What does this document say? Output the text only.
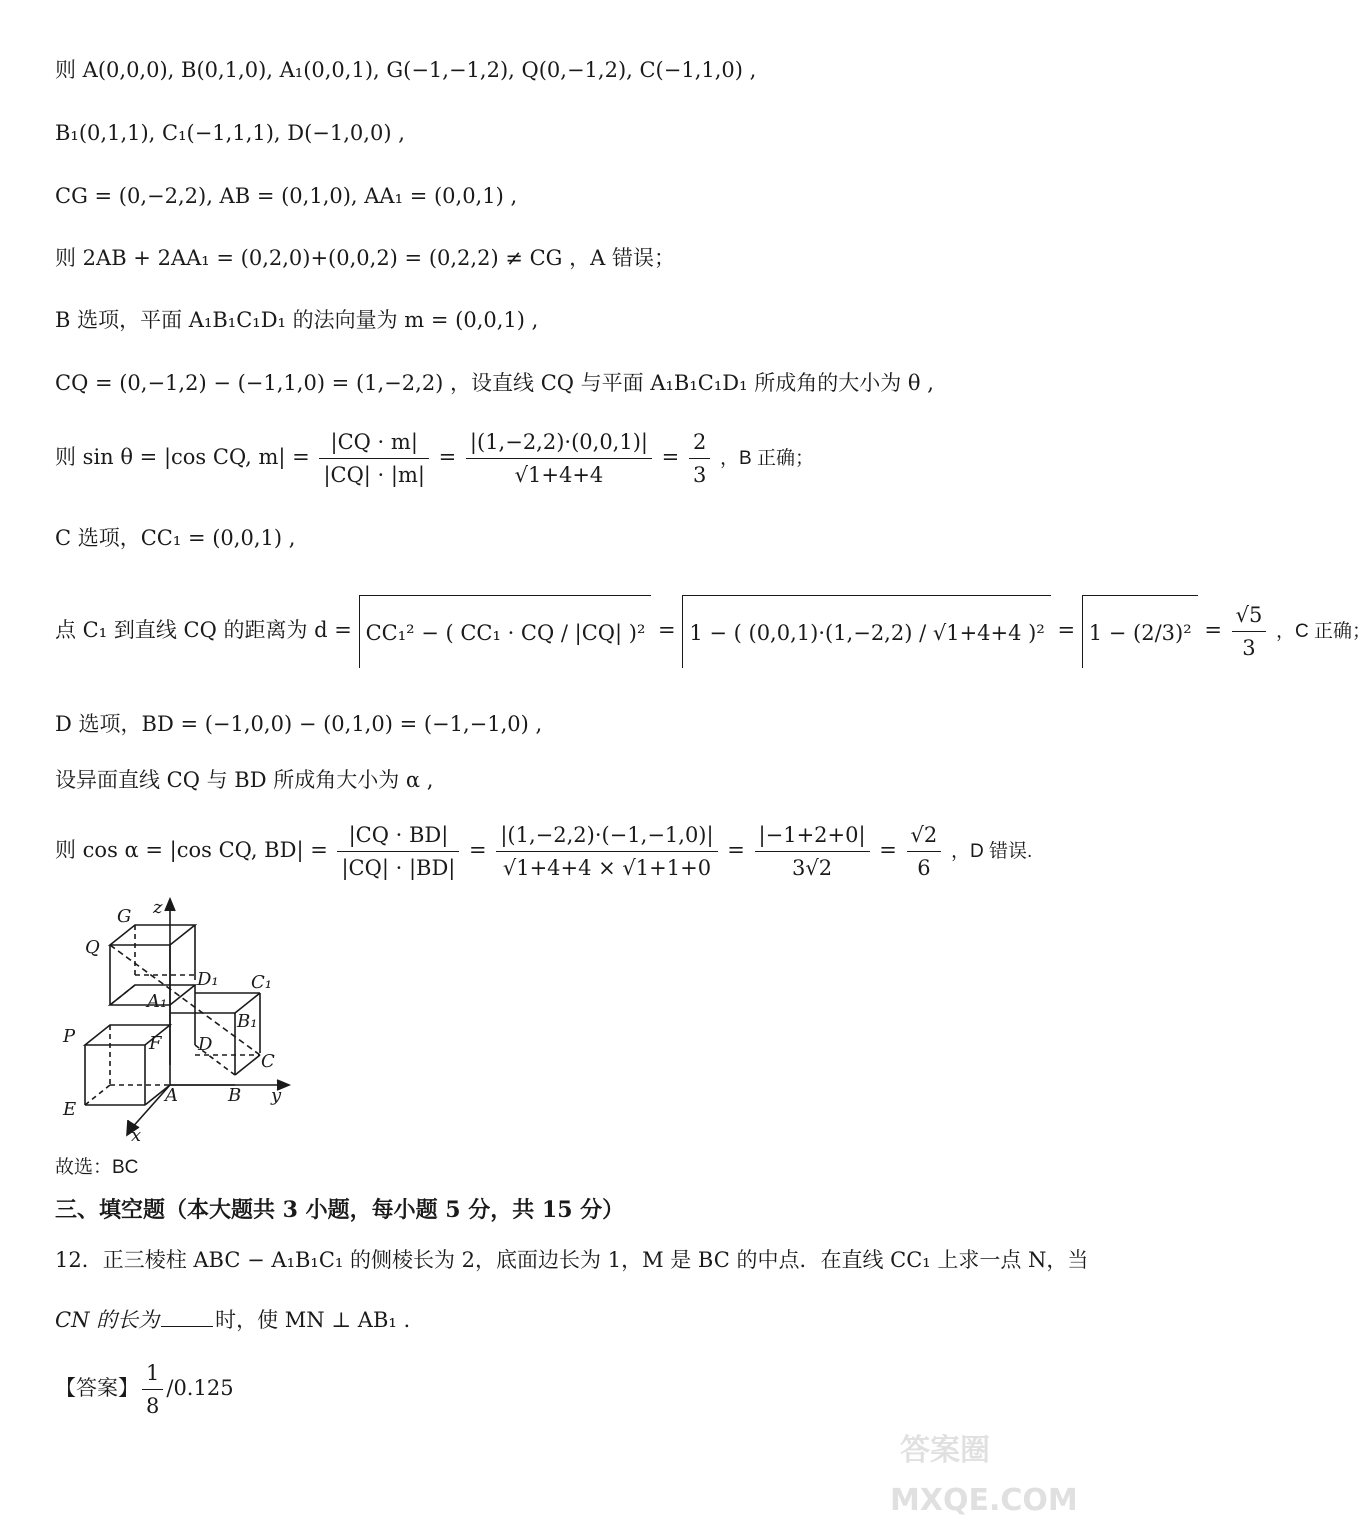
则 A(0,0,0), B(0,1,0), A₁(0,0,1), G(−1,−1,2), Q(0,−1,2), C(−1,1,0) ,
B₁(0,1,1), C₁(−1,1,1), D(−1,0,0) ,
CG = (0,−2,2), AB = (0,1,0), AA₁ = (0,0,1) ,
则 2AB + 2AA₁ = (0,2,0)+(0,0,2) = (0,2,2) ≠ CG ，A 错误；
B 选项，平面 A₁B₁C₁D₁ 的法向量为 m = (0,0,1) ,
CQ = (0,−1,2) − (−1,1,0) = (1,−2,2) ，设直线 CQ 与平面 A₁B₁C₁D₁ 所成角的大小为 θ ,
则 sin θ = |cos CQ, $m| = \frac{|CQ \cdot m|}{|CQ| \cdot |m|} = \frac{|(1,-2,2)\cdot(0,0,1)|}{√1+4+4} = \frac{2}{3}$ ，B 正确；
C 选项，CC₁ = (0,0,1) ,
点 C₁ 到直线 CQ 的距离为 d = CC₁² − ( CC₁ · CQ / |CQ| )² = 1 − ( (0,0,1)·(1,−2,2) / √1+4+4 )$^2 = 1 - (2/3)^2 = \frac{√5}{3}$ ，C 正确；
D 选项，BD = (−1,0,0) − (0,1,0) = (−1,−1,0) ,
设异面直线 CQ 与 BD 所成角大小为 α ,
则 cos α = |cos CQ, $BD| = \frac{|CQ \cdot BD|}{|CQ| \cdot |BD|} = \frac{|(1,-2,2)\cdot(-1,-1,0)|}{√1+4+4 \times √1+1+0} = \frac{|-1+2+0|}{3√2} = \frac{√2}{6}$ ，D 错误.
G z
Q
D₁ C₁
A₁
B₁
P	F D
C
E
A	B y
x
故选：BC
三、填空题（本大题共 3 小题，每小题 5 分，共 15 分）
12．正三棱柱 ABC − A₁B₁C₁ 的侧棱长为 2，底面边长为 1，M 是 BC 的中点．在直线 CC₁ 上求一点 N，当
CN 的长为	时，使 MN ⊥ AB₁ .
【答案】 $\frac{1}{8} /0.125$
答案圈
MXQE.COM
